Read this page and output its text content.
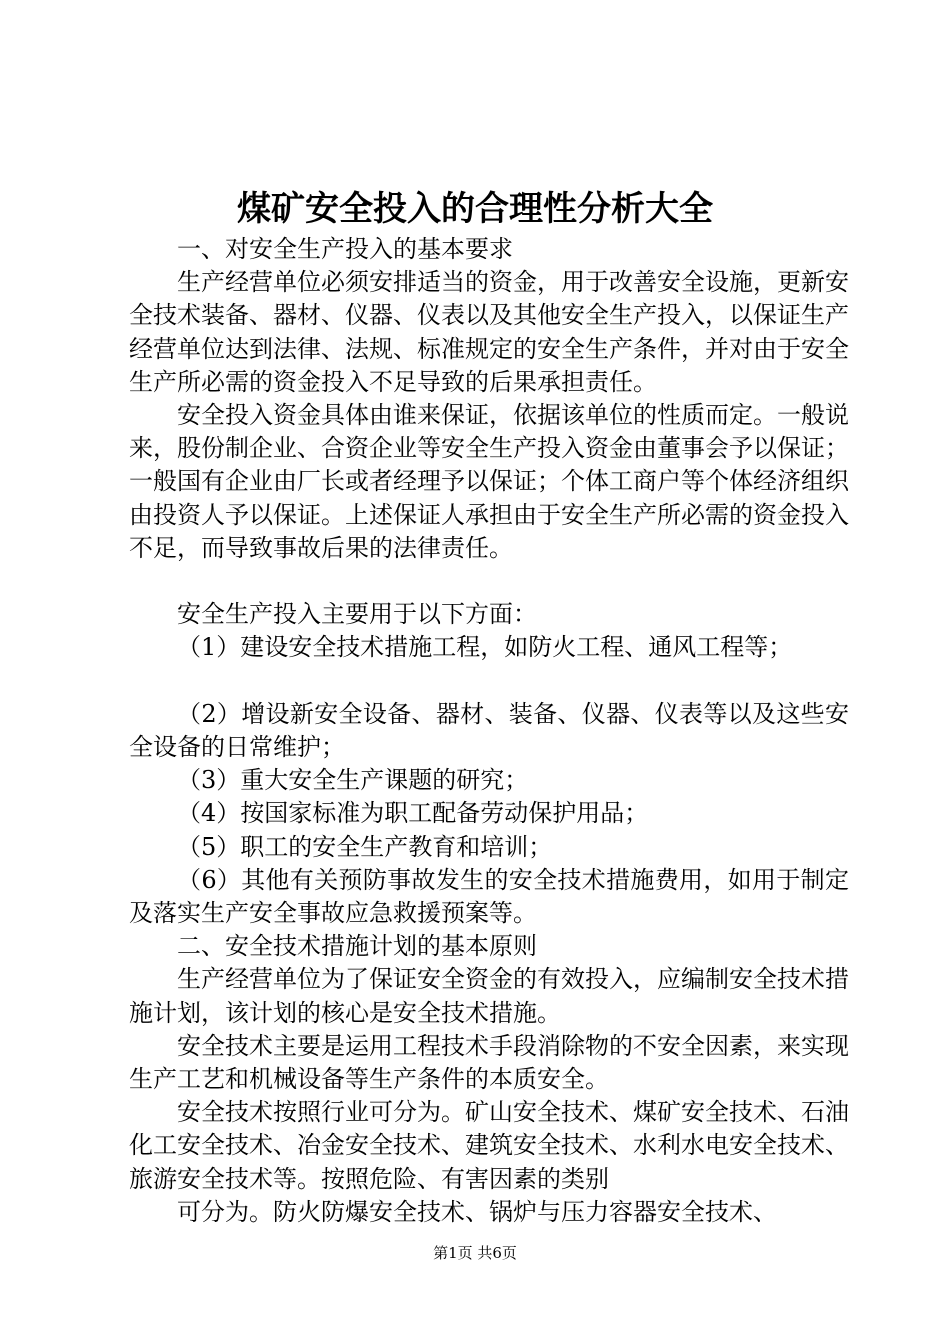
煤矿安全投入的合理性分析大全

一、对安全生产投入的基本要求

生产经营单位必须安排适当的资金，用于改善安全设施，更新安全技术装备、器材、仪器、仪表以及其他安全生产投入，以保证生产经营单位达到法律、法规、标准规定的安全生产条件，并对由于安全生产所必需的资金投入不足导致的后果承担责任。

安全投入资金具体由谁来保证，依据该单位的性质而定。一般说来，股份制企业、合资企业等安全生产投入资金由董事会予以保证；一般国有企业由厂长或者经理予以保证；个体工商户等个体经济组织由投资人予以保证。上述保证人承担由于安全生产所必需的资金投入不足，而导致事故后果的法律责任。

安全生产投入主要用于以下方面：

（1）建设安全技术措施工程，如防火工程、通风工程等；

（2）增设新安全设备、器材、装备、仪器、仪表等以及这些安全设备的日常维护；

（3）重大安全生产课题的研究；

（4）按国家标准为职工配备劳动保护用品；

（5）职工的安全生产教育和培训；

（6）其他有关预防事故发生的安全技术措施费用，如用于制定及落实生产安全事故应急救援预案等。

二、安全技术措施计划的基本原则

生产经营单位为了保证安全资金的有效投入，应编制安全技术措施计划，该计划的核心是安全技术措施。

安全技术主要是运用工程技术手段消除物的不安全因素，来实现生产工艺和机械设备等生产条件的本质安全。

安全技术按照行业可分为。矿山安全技术、煤矿安全技术、石油化工安全技术、冶金安全技术、建筑安全技术、水利水电安全技术、旅游安全技术等。按照危险、有害因素的类别

可分为。防火防爆安全技术、锅炉与压力容器安全技术、

第1页 共6页
